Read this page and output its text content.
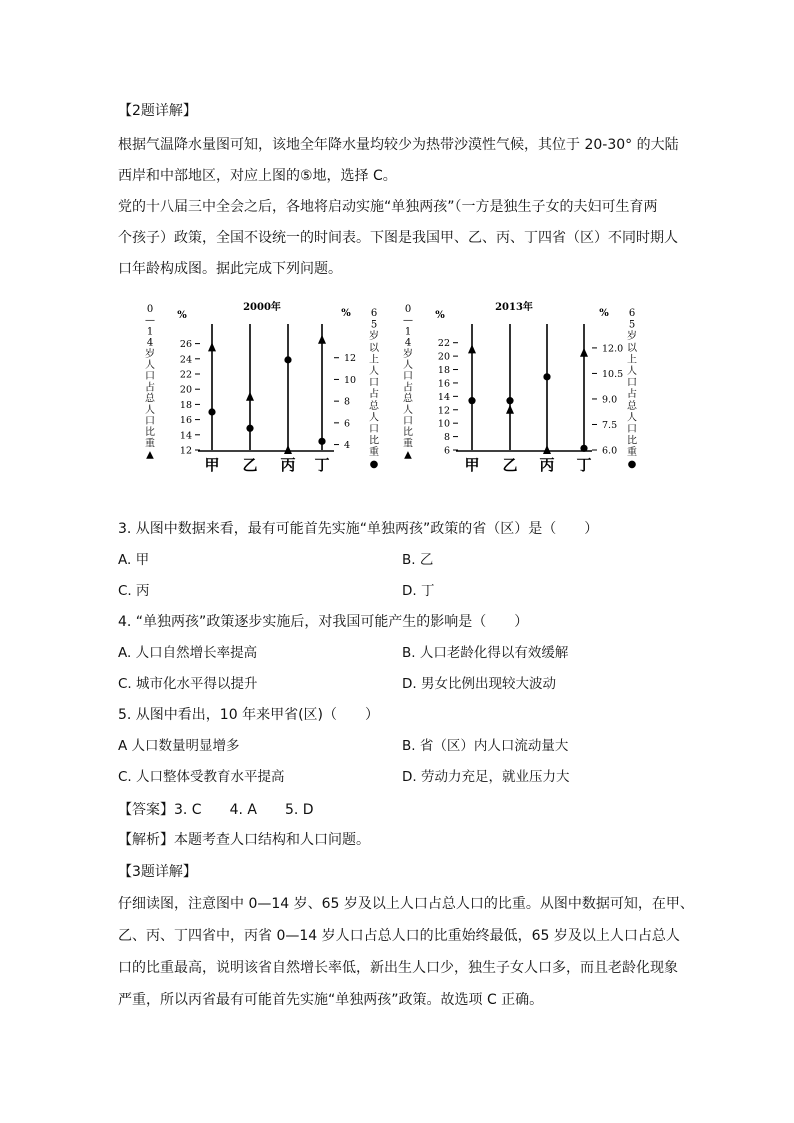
【2题详解】
根据气温降水量图可知，该地全年降水量均较少为热带沙漠性气候，其位于 20-30° 的大陆
西岸和中部地区，对应上图的⑤地，选择 C。
党的十八届三中全会之后，各地将启动实施“单独两孩”（一方是独生子女的夫妇可生育两
个孩子）政策，全国不设统一的时间表。下图是我国甲、乙、丙、丁四省（区）不同时期人
口年龄构成图。据此完成下列问题。
2000年
%	%
0
—
1
4
岁
人
口
占
总
人
口
比
重
▲
6
5
岁
以
上
人
口
占
总
人
口
比
重
●
12
14
16
18
20
22
24
26
4
6
8
10
12
甲 乙 丙 丁
2013年
%	%
0
—
1
4
岁
人
口
占
总
人
口
比
重
▲
6
5
岁
以
上
人
口
占
总
人
口
比
重
●
6
8
10
12
14
16
18
20
22
6.0
7.5
9.0
10.5
12.0
甲 乙 丙 丁
3. 从图中数据来看，最有可能首先实施“单独两孩”政策的省（区）是（　　）
A. 甲	B. 乙
C. 丙	D. 丁
4. “单独两孩”政策逐步实施后，对我国可能产生的影响是（　　）
A. 人口自然增长率提高	B. 人口老龄化得以有效缓解
C. 城市化水平得以提升	D. 男女比例出现较大波动
5. 从图中看出，10 年来甲省(区)（　　）
A 人口数量明显增多	B. 省（区）内人口流动量大
C. 人口整体受教育水平提高	D. 劳动力充足，就业压力大
【答案】3. C　　4. A　　5. D
【解析】本题考查人口结构和人口问题。
【3题详解】
仔细读图，注意图中 0—14 岁、65 岁及以上人口占总人口的比重。从图中数据可知，在甲、
乙、丙、丁四省中，丙省 0—14 岁人口占总人口的比重始终最低，65 岁及以上人口占总人
口的比重最高，说明该省自然增长率低，新出生人口少，独生子女人口多，而且老龄化现象
严重，所以丙省最有可能首先实施“单独两孩”政策。故选项 C 正确。
